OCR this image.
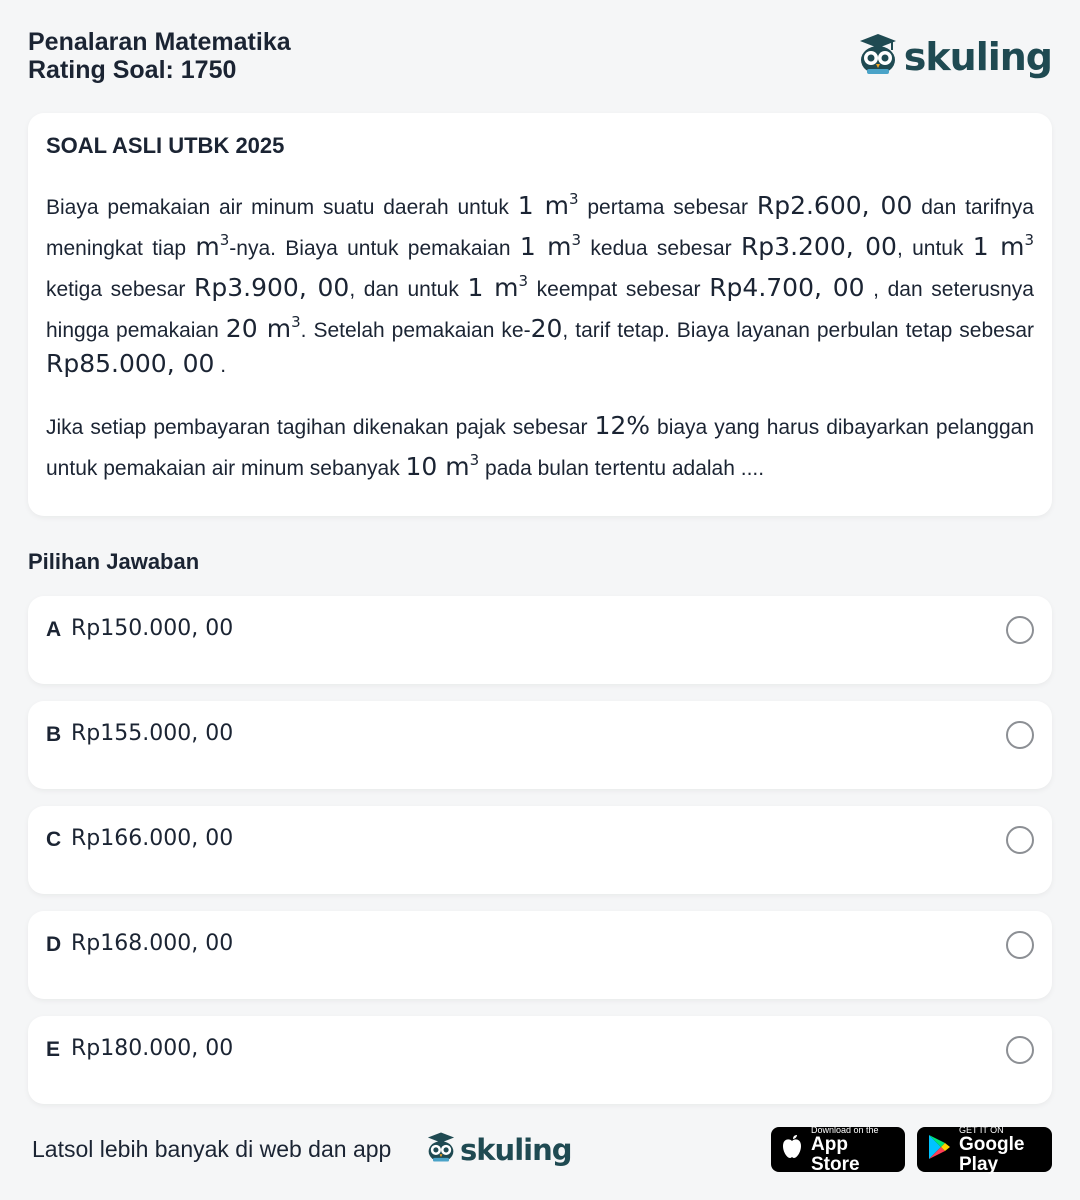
Penalaran Matematika
Rating Soal: 1750	skuling
SOAL ASLI UTBK 2025

Biaya pemakaian air minum suatu daerah untuk 1 $m^3$ pertama sebesar Rp2.600, 00 dan tarifnya meningkat tiap $m^3$-nya. Biaya untuk pemakaian 1 $m^3$ kedua sebesar Rp3.200, 00, untuk 1 $m^3$ ketiga sebesar Rp3.900, 00, dan untuk 1 $m^3$ keempat sebesar Rp4.700, 00 , dan seterusnya hingga pemakaian 20 $m^3$. Setelah pemakaian ke-20, tarif tetap. Biaya layanan perbulan tetap sebesar Rp85.000, 00 .

Jika setiap pembayaran tagihan dikenakan pajak sebesar 12% biaya yang harus dibayarkan pelanggan untuk pemakaian air minum sebanyak 10 $m^3$ pada bulan tertentu adalah ....

Pilihan Jawaban
A Rp150.000, 00
B Rp155.000, 00
C Rp166.000, 00
D Rp168.000, 00
E Rp180.000, 00
Latsol lebih banyak di web dan app skuling
Download on the
App Store
GET IT ON
Google Play
